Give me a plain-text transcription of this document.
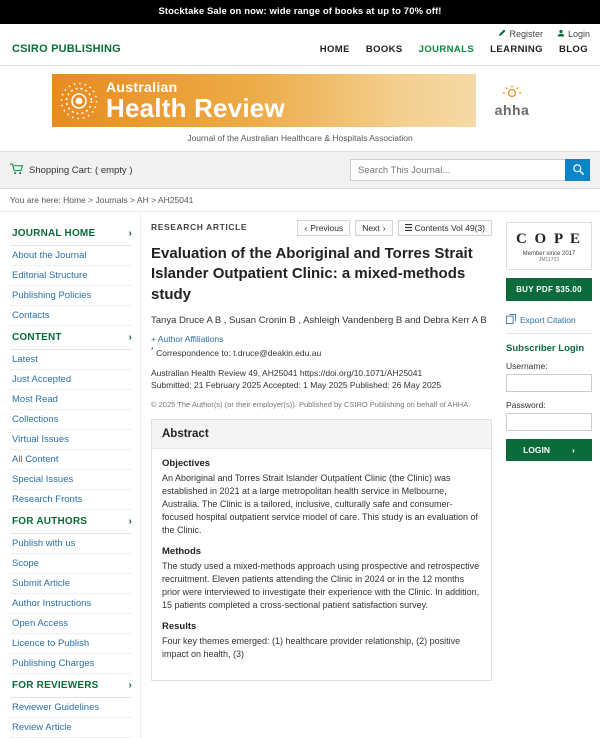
Stocktake Sale on now: wide range of books at up to 70% off!
Register	Login
CSIRO PUBLISHING	HOME BOOKS JOURNALS LEARNING BLOG
Australian
Health Review	ahha
Journal of the Australian Healthcare & Hospitals Association
Shopping Cart: ( empty )
Search This Journal...
You are here: Home > Journals > AH > AH25041
JOURNAL HOME	›
About the Journal
Editorial Structure
Publishing Policies
Contacts
CONTENT	›
Latest
Just Accepted
Most Read
Collections
Virtual Issues
All Content
Special Issues
Research Fronts
FOR AUTHORS	›
Publish with us
Scope
Submit Article
Author Instructions
Open Access
Licence to Publish
Publishing Charges
FOR REVIEWERS	›
Reviewer Guidelines
Review Article
‹ Previous Next ›	Contents Vol 49(3)
RESEARCH ARTICLE
Evaluation of the Aboriginal and Torres Strait Islander Outpatient Clinic: a mixed-methods study
Tanya Druce A B , Susan Cronin B , Ashleigh Vandenberg B and Debra Kerr A B
+ Author Affiliations
* Correspondence to: t.druce@deakin.edu.au
Australian Health Review 49, AH25041 https://doi.org/10.1071/AH25041
Submitted: 21 February 2025 Accepted: 1 May 2025 Published: 26 May 2025
© 2025 The Author(s) (or their employer(s)). Published by CSIRO Publishing on behalf of AHHA.
Abstract
Objectives

An Aboriginal and Torres Strait Islander Outpatient Clinic (the Clinic) was established in 2021 at a large metropolitan health service in Melbourne, Australia. The Clinic is a tailored, inclusive, culturally safe and consumer-focused hospital outpatient service model of care. This study is an evaluation of the Clinic.

Methods

The study used a mixed-methods approach using prospective and retrospective recruitment. Eleven patients attending the Clinic in 2024 or in the 12 months prior were interviewed to investigate their experience with the Clinic. In addition, 15 patients completed a cross-sectional patient satisfaction survey.

Results

Four key themes emerged: (1) healthcare provider relationship, (2) positive impact on health, (3)

C O P E
Member since 2017
JM11703
BUY PDF $35.00
Export Citation
Subscriber Login
Username:
Password:
LOGIN	›
